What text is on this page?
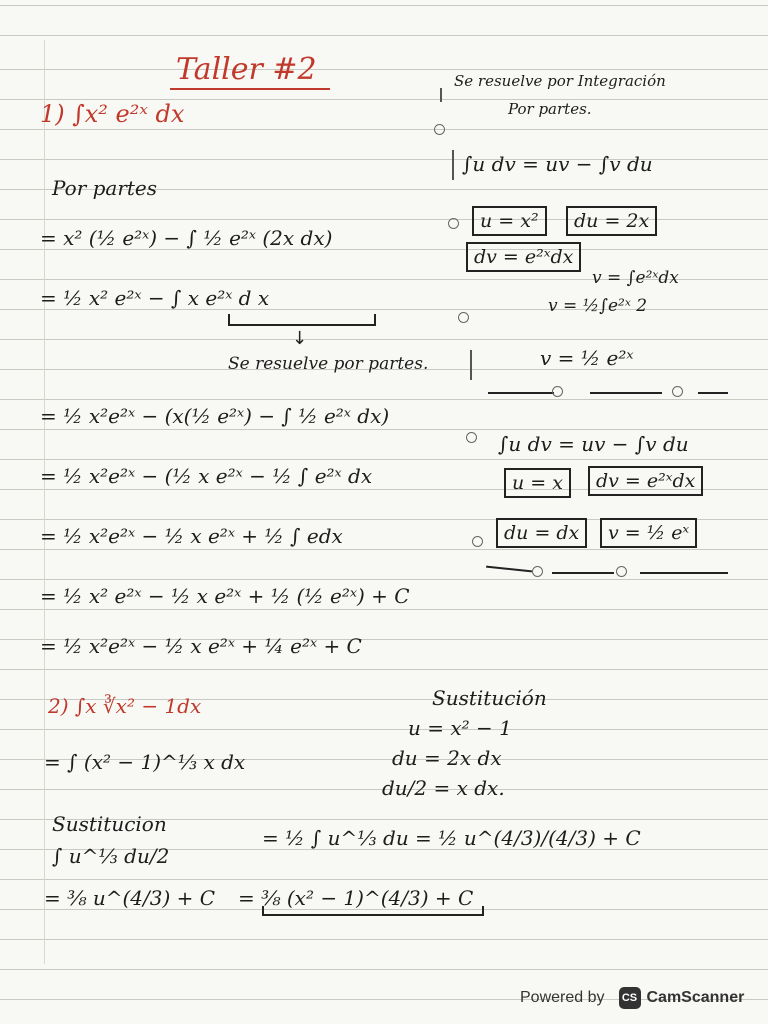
Taller #2
1) ∫x² e²ˣ dx
Por partes
= x² (½ e²ˣ) − ∫ ½ e²ˣ (2x dx)
= ½ x² e²ˣ − ∫ x e²ˣ d x
↓
Se resuelve por partes.
= ½ x²e²ˣ − (x(½ e²ˣ) − ∫ ½ e²ˣ dx)
= ½ x²e²ˣ − (½ x e²ˣ − ½ ∫ e²ˣ dx
= ½ x²e²ˣ − ½ x e²ˣ + ½ ∫ edx
= ½ x² e²ˣ − ½ x e²ˣ + ½ (½ e²ˣ) + C
= ½ x²e²ˣ − ½ x e²ˣ + ¼ e²ˣ + C
2) ∫x ∛x² − 1dx
= ∫ (x² − 1)^⅓ x dx
Sustitucion
∫ u^⅓ du/2
= ½ ∫ u^⅓ du = ½ u^(4/3)/(4/3) + C
= ⅜ u^(4/3) + C = ⅜ (x² − 1)^(4/3) + C
Se resuelve por Integración
Por partes.
∫u dv = uv − ∫v du
u = x²	du = 2x
dv = e²ˣdx
v = ∫e²ˣdx
v = ½∫e²ˣ 2
v = ½ e²ˣ
∫u dv = uv − ∫v du
u = x	dv = e²ˣdx
du = dx	v = ½ eˣ
Sustitución
u = x² − 1
du = 2x dx
du/2 = x dx.
Powered by	CS CamScanner
